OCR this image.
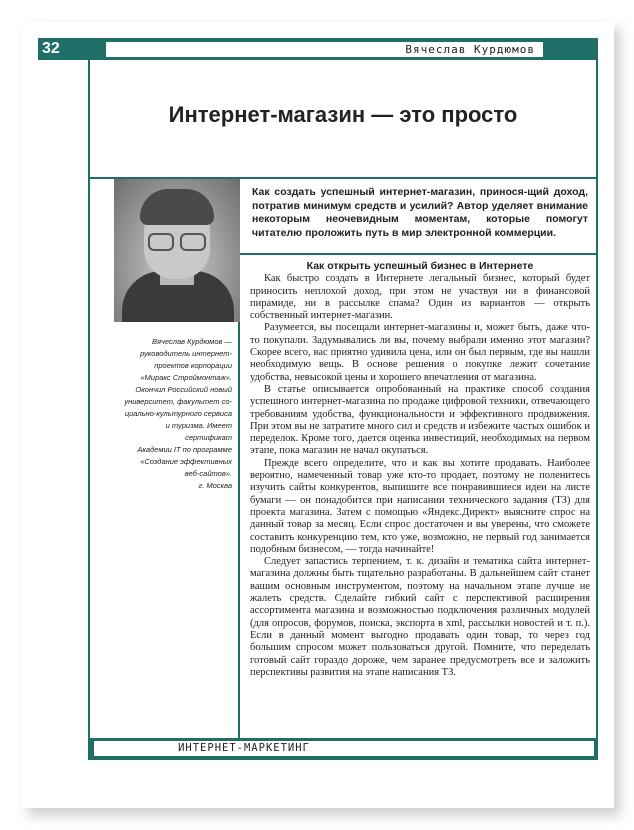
32	Вячеслав Курдюмов
Интернет-магазин — это просто
Вячеслав Курдюмов —
руководитель интернет-
проектов корпорации
«Миракс Строймонтаж».
Окончил Российский новый
университет, факультет со-
циально-культурного сервиса
и туризма. Имеет сертификат
Академии IT по программе
«Создание эффективных
веб-сайтов».
г. Москва
Как создать успешный интернет-магазин, принося-щий доход, потратив минимум средств и усилий? Автор уделяет внимание некоторым неочевидным моментам, которые помогут читателю проложить путь в мир электронной коммерции.
Как открыть успешный бизнес в Интернете

Как быстро создать в Интернете легальный бизнес, который будет приносить неплохой доход, при этом не участвуя ни в финансовой пирамиде, ни в рассылке спама? Один из вариантов — открыть собственный интернет-магазин.

Разумеется, вы посещали интернет-магазины и, может быть, даже что-то покупали. Задумывались ли вы, почему выбрали именно этот магазин? Скорее всего, вас приятно удивила цена, или он был первым, где вы нашли необходимую вещь. В основе решения о покупке лежит сочетание удобства, невысокой цены и хорошего впечатления от магазина.

В статье описывается опробованный на практике способ создания успешного интернет-магазина по продаже цифровой техники, отвечающего требованиям удобства, функциональности и эффективного продвижения. При этом вы не затратите много сил и средств и избежите частых ошибок и переделок. Кроме того, дается оценка инвестиций, необходимых на первом этапе, пока магазин не начал окупаться.

Прежде всего определите, что и как вы хотите продавать. Наиболее вероятно, намеченный товар уже кто-то продает, поэтому не поленитесь изучить сайты конкурентов, выпишите все понравившиеся идеи на листе бумаги — он понадобится при написании технического задания (ТЗ) для проекта магазина. Затем с помощью «Яндекс.Директ» выясните спрос на данный товар за месяц. Если спрос достаточен и вы уверены, что сможете составить конкуренцию тем, кто уже, возможно, не первый год занимается подобным бизнесом, — тогда начинайте!

Следует запастись терпением, т. к. дизайн и тематика сайта интернет-магазина должны быть тщательно разработаны. В дальнейшем сайт станет вашим основным инструментом, поэтому на начальном этапе лучше не жалеть средств. Сделайте гибкий сайт с перспективой расширения ассортимента магазина и возможностью подключения различных модулей (для опросов, форумов, поиска, экспорта в xml, рассылки новостей и т. п.). Если в данный момент выгодно продавать один товар, то через год большим спросом может пользоваться другой. Помните, что переделать готовый сайт гораздо дороже, чем заранее предусмотреть все и заложить перспективы развития на этапе написания ТЗ.

ИНТЕРНЕТ-МАРКЕТИНГ
